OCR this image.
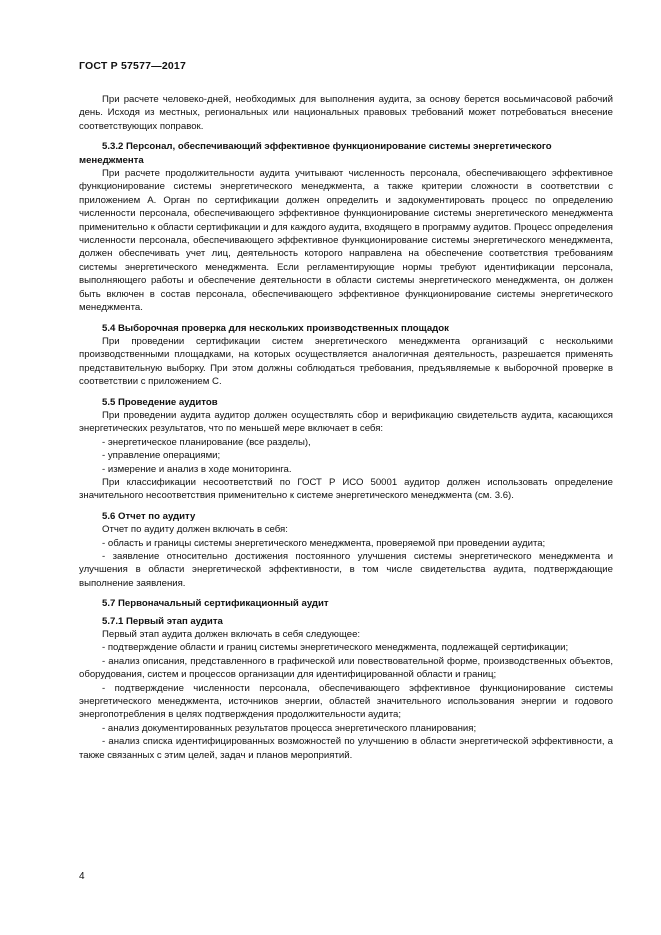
ГОСТ Р 57577—2017
При расчете человеко-дней, необходимых для выполнения аудита, за основу берется восьмичасовой рабочий день. Исходя из местных, региональных или национальных правовых требований может потребоваться внесение соответствующих поправок.
5.3.2 Персонал, обеспечивающий эффективное функционирование системы энергетического менеджмента
При расчете продолжительности аудита учитывают численность персонала, обеспечивающего эффективное функционирование системы энергетического менеджмента, а также критерии сложности в соответствии с приложением А. Орган по сертификации должен определить и задокументировать процесс по определению численности персонала, обеспечивающего эффективное функционирование системы энергетического менеджмента применительно к области сертификации и для каждого аудита, входящего в программу аудитов. Процесс определения численности персонала, обеспечивающего эффективное функционирование системы энергетического менеджмента, должен обеспечивать учет лиц, деятельность которого направлена на обеспечение соответствия требованиям системы энергетического менеджмента. Если регламентирующие нормы требуют идентификации персонала, выполняющего работы и обеспечение деятельности в области системы энергетического менеджмента, он должен быть включен в состав персонала, обеспечивающего эффективное функционирование системы энергетического менеджмента.
5.4 Выборочная проверка для нескольких производственных площадок
При проведении сертификации систем энергетического менеджмента организаций с несколькими производственными площадками, на которых осуществляется аналогичная деятельность, разрешается применять представительную выборку. При этом должны соблюдаться требования, предъявляемые к выборочной проверке в соответствии с приложением С.
5.5 Проведение аудитов
При проведении аудита аудитор должен осуществлять сбор и верификацию свидетельств аудита, касающихся энергетических результатов, что по меньшей мере включает в себя:
- энергетическое планирование (все разделы),
- управление операциями;
- измерение и анализ в ходе мониторинга.
При классификации несоответствий по ГОСТ Р ИСО 50001 аудитор должен использовать определение значительного несоответствия применительно к системе энергетического менеджмента (см. 3.6).
5.6 Отчет по аудиту
Отчет по аудиту должен включать в себя:
- область и границы системы энергетического менеджмента, проверяемой при проведении аудита;
- заявление относительно достижения постоянного улучшения системы энергетического менеджмента и улучшения в области энергетической эффективности, в том числе свидетельства аудита, подтверждающие выполнение заявления.
5.7 Первоначальный сертификационный аудит
5.7.1 Первый этап аудита
Первый этап аудита должен включать в себя следующее:
- подтверждение области и границ системы энергетического менеджмента, подлежащей сертификации;
- анализ описания, представленного в графической или повествовательной форме, производственных объектов, оборудования, систем и процессов организации для идентифицированной области и границ;
- подтверждение численности персонала, обеспечивающего эффективное функционирование системы энергетического менеджмента, источников энергии, областей значительного использования энергии и годового энергопотребления в целях подтверждения продолжительности аудита;
- анализ документированных результатов процесса энергетического планирования;
- анализ списка идентифицированных возможностей по улучшению в области энергетической эффективности, а также связанных с этим целей, задач и планов мероприятий.
4
